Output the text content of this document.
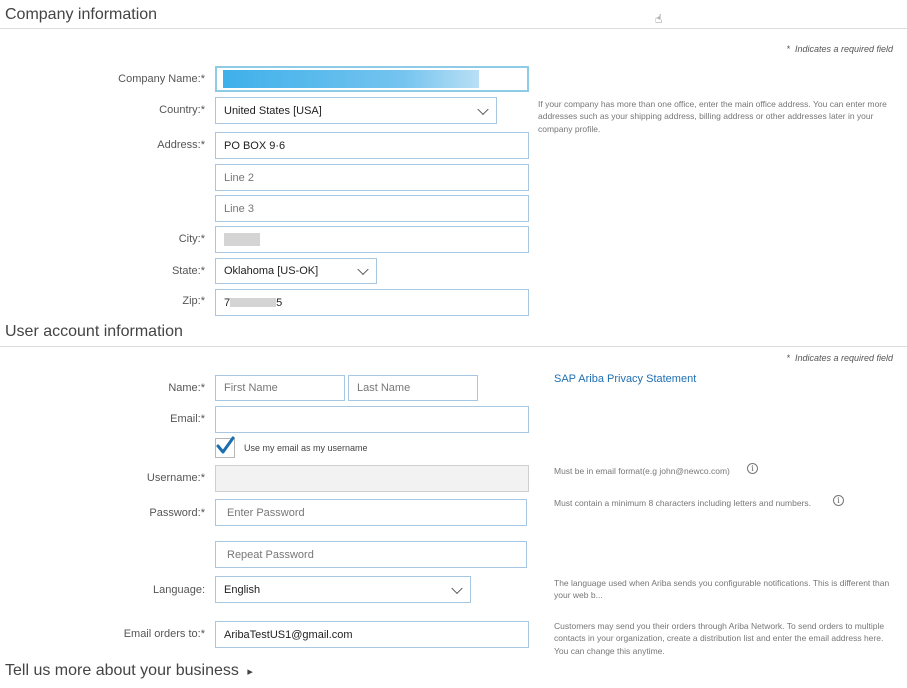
Company information	☝
* Indicates a required field
Company Name:*
Country:* United States [USA]
If your company has more than one office, enter the main office address. You can enter more addresses such as your shipping address, billing address or other addresses later in your company profile.
Address:*	PO BOX 9·6
Line 2
Line 3
City:*
State:* Oklahoma [US-OK]
Zip:* 7	5
User account information
* Indicates a required field
Name:*	First Name	Last Name
SAP Ariba Privacy Statement
Email:*
Use my email as my username
Username:*
Must be in email format(e.g john@newco.com)	i
Password:*	Enter Password
Must contain a minimum 8 characters including letters and numbers.	i
Repeat Password
Language: English
The language used when Ariba sends you configurable notifications. This is different than your web b...
Email orders to:*	AribaTestUS1@gmail.com
Customers may send you their orders through Ariba Network. To send orders to multiple contacts in your organization, create a distribution list and enter the email address here. You can change this anytime.
Tell us more about your business ▸
